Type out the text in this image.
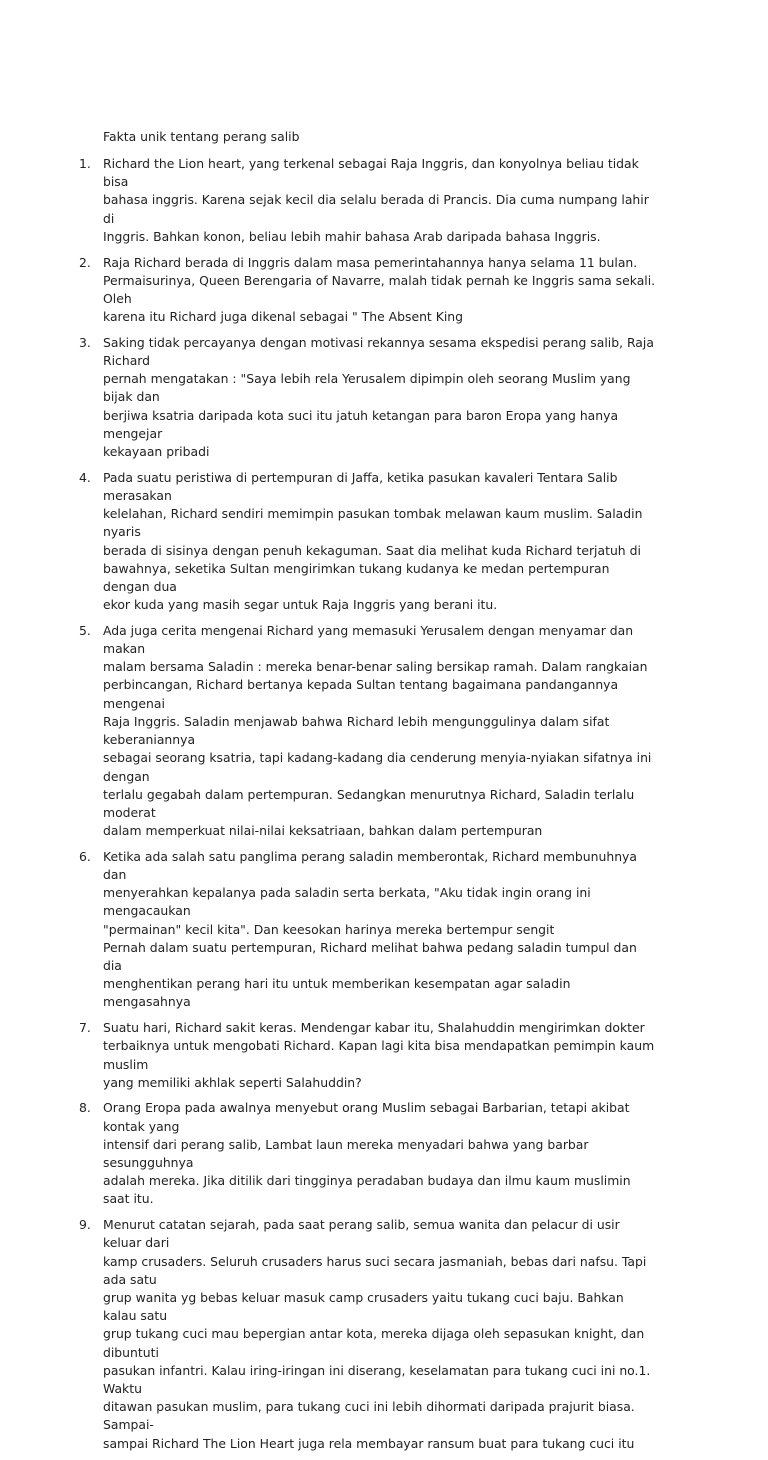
Fakta unik tentang perang salib
1. Richard the Lion heart, yang terkenal sebagai Raja Inggris, dan konyolnya beliau tidak bisa
bahasa inggris. Karena sejak kecil dia selalu berada di Prancis. Dia cuma numpang lahir di
Inggris. Bahkan konon, beliau lebih mahir bahasa Arab daripada bahasa Inggris.
2. Raja Richard berada di Inggris dalam masa pemerintahannya hanya selama 11 bulan.
Permaisurinya, Queen Berengaria of Navarre, malah tidak pernah ke Inggris sama sekali. Oleh
karena itu Richard juga dikenal sebagai " The Absent King
3. Saking tidak percayanya dengan motivasi rekannya sesama ekspedisi perang salib, Raja Richard
pernah mengatakan : "Saya lebih rela Yerusalem dipimpin oleh seorang Muslim yang bijak dan
berjiwa ksatria daripada kota suci itu jatuh ketangan para baron Eropa yang hanya mengejar
kekayaan pribadi
4. Pada suatu peristiwa di pertempuran di Jaffa, ketika pasukan kavaleri Tentara Salib merasakan
kelelahan, Richard sendiri memimpin pasukan tombak melawan kaum muslim. Saladin nyaris
berada di sisinya dengan penuh kekaguman. Saat dia melihat kuda Richard terjatuh di
bawahnya, seketika Sultan mengirimkan tukang kudanya ke medan pertempuran dengan dua
ekor kuda yang masih segar untuk Raja Inggris yang berani itu.
5. Ada juga cerita mengenai Richard yang memasuki Yerusalem dengan menyamar dan makan
malam bersama Saladin : mereka benar-benar saling bersikap ramah. Dalam rangkaian
perbincangan, Richard bertanya kepada Sultan tentang bagaimana pandangannya mengenai
Raja Inggris. Saladin menjawab bahwa Richard lebih mengunggulinya dalam sifat keberaniannya
sebagai seorang ksatria, tapi kadang-kadang dia cenderung menyia-nyiakan sifatnya ini dengan
terlalu gegabah dalam pertempuran. Sedangkan menurutnya Richard, Saladin terlalu moderat
dalam memperkuat nilai-nilai keksatriaan, bahkan dalam pertempuran
6. Ketika ada salah satu panglima perang saladin memberontak, Richard membunuhnya dan
menyerahkan kepalanya pada saladin serta berkata, "Aku tidak ingin orang ini mengacaukan
"permainan" kecil kita". Dan keesokan harinya mereka bertempur sengit
Pernah dalam suatu pertempuran, Richard melihat bahwa pedang saladin tumpul dan dia
menghentikan perang hari itu untuk memberikan kesempatan agar saladin mengasahnya
7. Suatu hari, Richard sakit keras. Mendengar kabar itu, Shalahuddin mengirimkan dokter
terbaiknya untuk mengobati Richard. Kapan lagi kita bisa mendapatkan pemimpin kaum muslim
yang memiliki akhlak seperti Salahuddin?
8. Orang Eropa pada awalnya menyebut orang Muslim sebagai Barbarian, tetapi akibat kontak yang
intensif dari perang salib, Lambat laun mereka menyadari bahwa yang barbar sesungguhnya
adalah mereka. Jika ditilik dari tingginya peradaban budaya dan ilmu kaum muslimin saat itu.
9. Menurut catatan sejarah, pada saat perang salib, semua wanita dan pelacur di usir keluar dari
kamp crusaders. Seluruh crusaders harus suci secara jasmaniah, bebas dari nafsu. Tapi ada satu
grup wanita yg bebas keluar masuk camp crusaders yaitu tukang cuci baju. Bahkan kalau satu
grup tukang cuci mau bepergian antar kota, mereka dijaga oleh sepasukan knight, dan dibuntuti
pasukan infantri. Kalau iring-iringan ini diserang, keselamatan para tukang cuci ini no.1. Waktu
ditawan pasukan muslim, para tukang cuci ini lebih dihormati daripada prajurit biasa. Sampai-
sampai Richard The Lion Heart juga rela membayar ransum buat para tukang cuci itu
